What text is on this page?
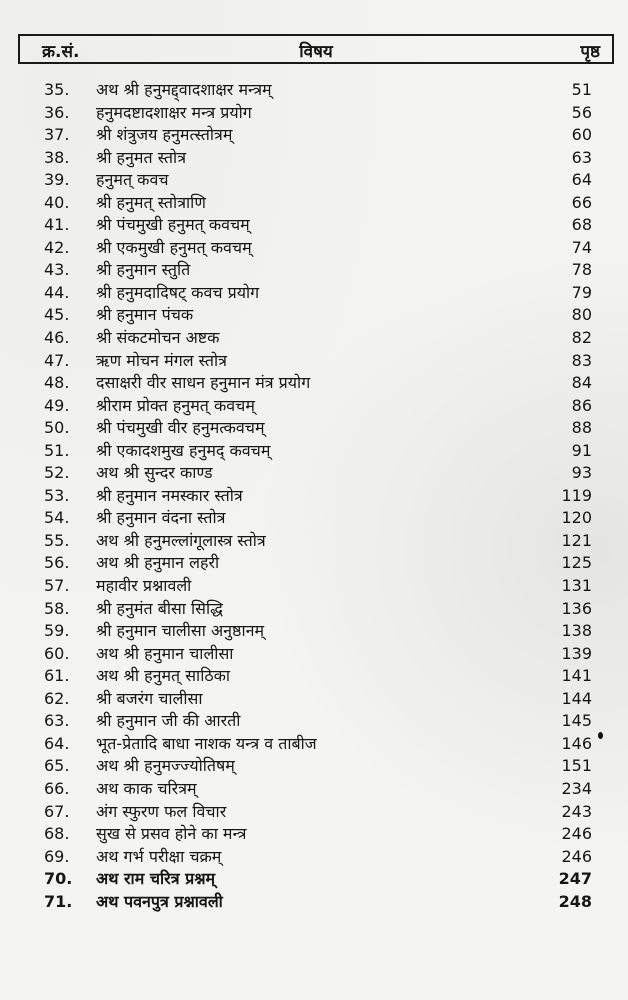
क्र.सं.	विषय	पृष्ठ
35.	अथ श्री हनुमद्द्वादशाक्षर मन्त्रम्	51
36.	हनुमदष्टादशाक्षर मन्त्र प्रयोग	56
37.	श्री शंत्रुजय हनुमत्स्तोत्रम्	60
38.	श्री हनुमत स्तोत्र	63
39.	हनुमत् कवच	64
40.	श्री हनुमत् स्तोत्राणि	66
41.	श्री पंचमुखी हनुमत् कवचम्	68
42.	श्री एकमुखी हनुमत् कवचम्	74
43.	श्री हनुमान स्तुति	78
44.	श्री हनुमदादिषट् कवच प्रयोग	79
45.	श्री हनुमान पंचक	80
46.	श्री संकटमोचन अष्टक	82
47.	ऋण मोचन मंगल स्तोत्र	83
48.	दसाक्षरी वीर साधन हनुमान मंत्र प्रयोग	84
49.	श्रीराम प्रोक्त हनुमत् कवचम्	86
50.	श्री पंचमुखी वीर हनुमत्कवचम्	88
51.	श्री एकादशमुख हनुमद् कवचम्	91
52.	अथ श्री सुन्दर काण्ड	93
53.	श्री हनुमान नमस्कार स्तोत्र	119
54.	श्री हनुमान वंदना स्तोत्र	120
55.	अथ श्री हनुमल्लांगूलास्त्र स्तोत्र	121
56.	अथ श्री हनुमान लहरी	125
57.	महावीर प्रश्नावली	131
58.	श्री हनुमंत बीसा सिद्धि	136
59.	श्री हनुमान चालीसा अनुष्ठानम्	138
60.	अथ श्री हनुमान चालीसा	139
61.	अथ श्री हनुमत् साठिका	141
62.	श्री बजरंग चालीसा	144
63.	श्री हनुमान जी की आरती	145
64.	भूत-प्रेतादि बाधा नाशक यन्त्र व ताबीज	146
65.	अथ श्री हनुमज्ज्योतिषम्	151
66.	अथ काक चरित्रम्	234
67.	अंग स्फुरण फल विचार	243
68.	सुख से प्रसव होने का मन्त्र	246
69.	अथ गर्भ परीक्षा चक्रम्	246
70.	अथ राम चरित्र प्रश्नम्	247
71.	अथ पवनपुत्र प्रश्नावली	248
